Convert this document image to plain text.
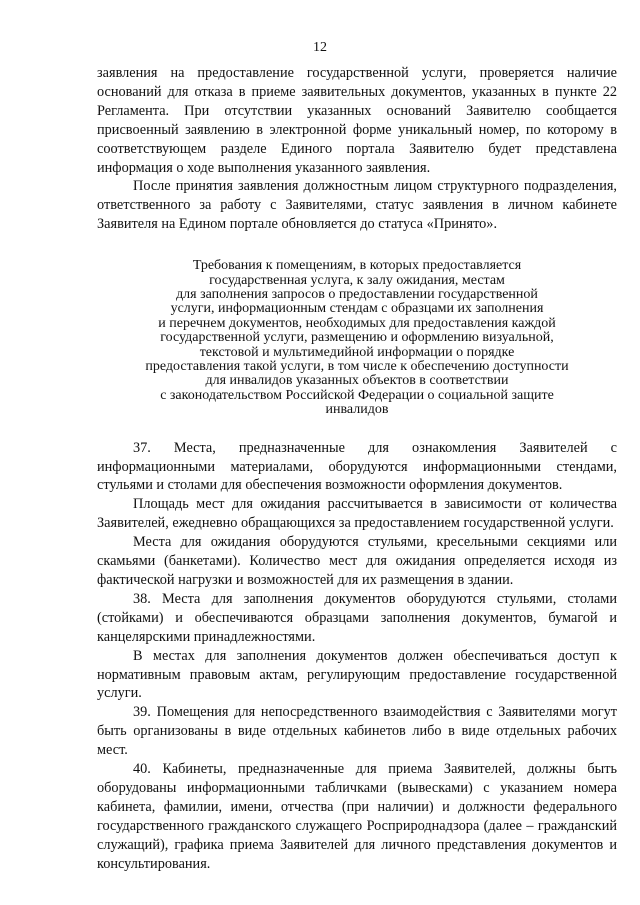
12

заявления на предоставление государственной услуги, проверяется наличие оснований для отказа в приеме заявительных документов, указанных в пункте 22 Регламента. При отсутствии указанных оснований Заявителю сообщается присвоенный заявлению в электронной форме уникальный номер, по которому в соответствующем разделе Единого портала Заявителю будет представлена информация о ходе выполнения указанного заявления.

После принятия заявления должностным лицом структурного подразделения, ответственного за работу с Заявителями, статус заявления в личном кабинете Заявителя на Едином портале обновляется до статуса «Принято».

Требования к помещениям, в которых предоставляется
государственная услуга, к залу ожидания, местам
для заполнения запросов о предоставлении государственной
услуги, информационным стендам с образцами их заполнения
и перечнем документов, необходимых для предоставления каждой
государственной услуги, размещению и оформлению визуальной,
текстовой и мультимедийной информации о порядке
предоставления такой услуги, в том числе к обеспечению доступности
для инвалидов указанных объектов в соответствии
с законодательством Российской Федерации о социальной защите
инвалидов

37. Места, предназначенные для ознакомления Заявителей с информационными материалами, оборудуются информационными стендами, стульями и столами для обеспечения возможности оформления документов.

Площадь мест для ожидания рассчитывается в зависимости от количества Заявителей, ежедневно обращающихся за предоставлением государственной услуги.

Места для ожидания оборудуются стульями, кресельными секциями или скамьями (банкетами). Количество мест для ожидания определяется исходя из фактической нагрузки и возможностей для их размещения в здании.

38. Места для заполнения документов оборудуются стульями, столами (стойками) и обеспечиваются образцами заполнения документов, бумагой и канцелярскими принадлежностями.

В местах для заполнения документов должен обеспечиваться доступ к нормативным правовым актам, регулирующим предоставление государственной услуги.

39. Помещения для непосредственного взаимодействия с Заявителями могут быть организованы в виде отдельных кабинетов либо в виде отдельных рабочих мест.

40. Кабинеты, предназначенные для приема Заявителей, должны быть оборудованы информационными табличками (вывесками) с указанием номера кабинета, фамилии, имени, отчества (при наличии) и должности федерального государственного гражданского служащего Росприроднадзора (далее – гражданский служащий), графика приема Заявителей для личного представления документов и консультирования.
